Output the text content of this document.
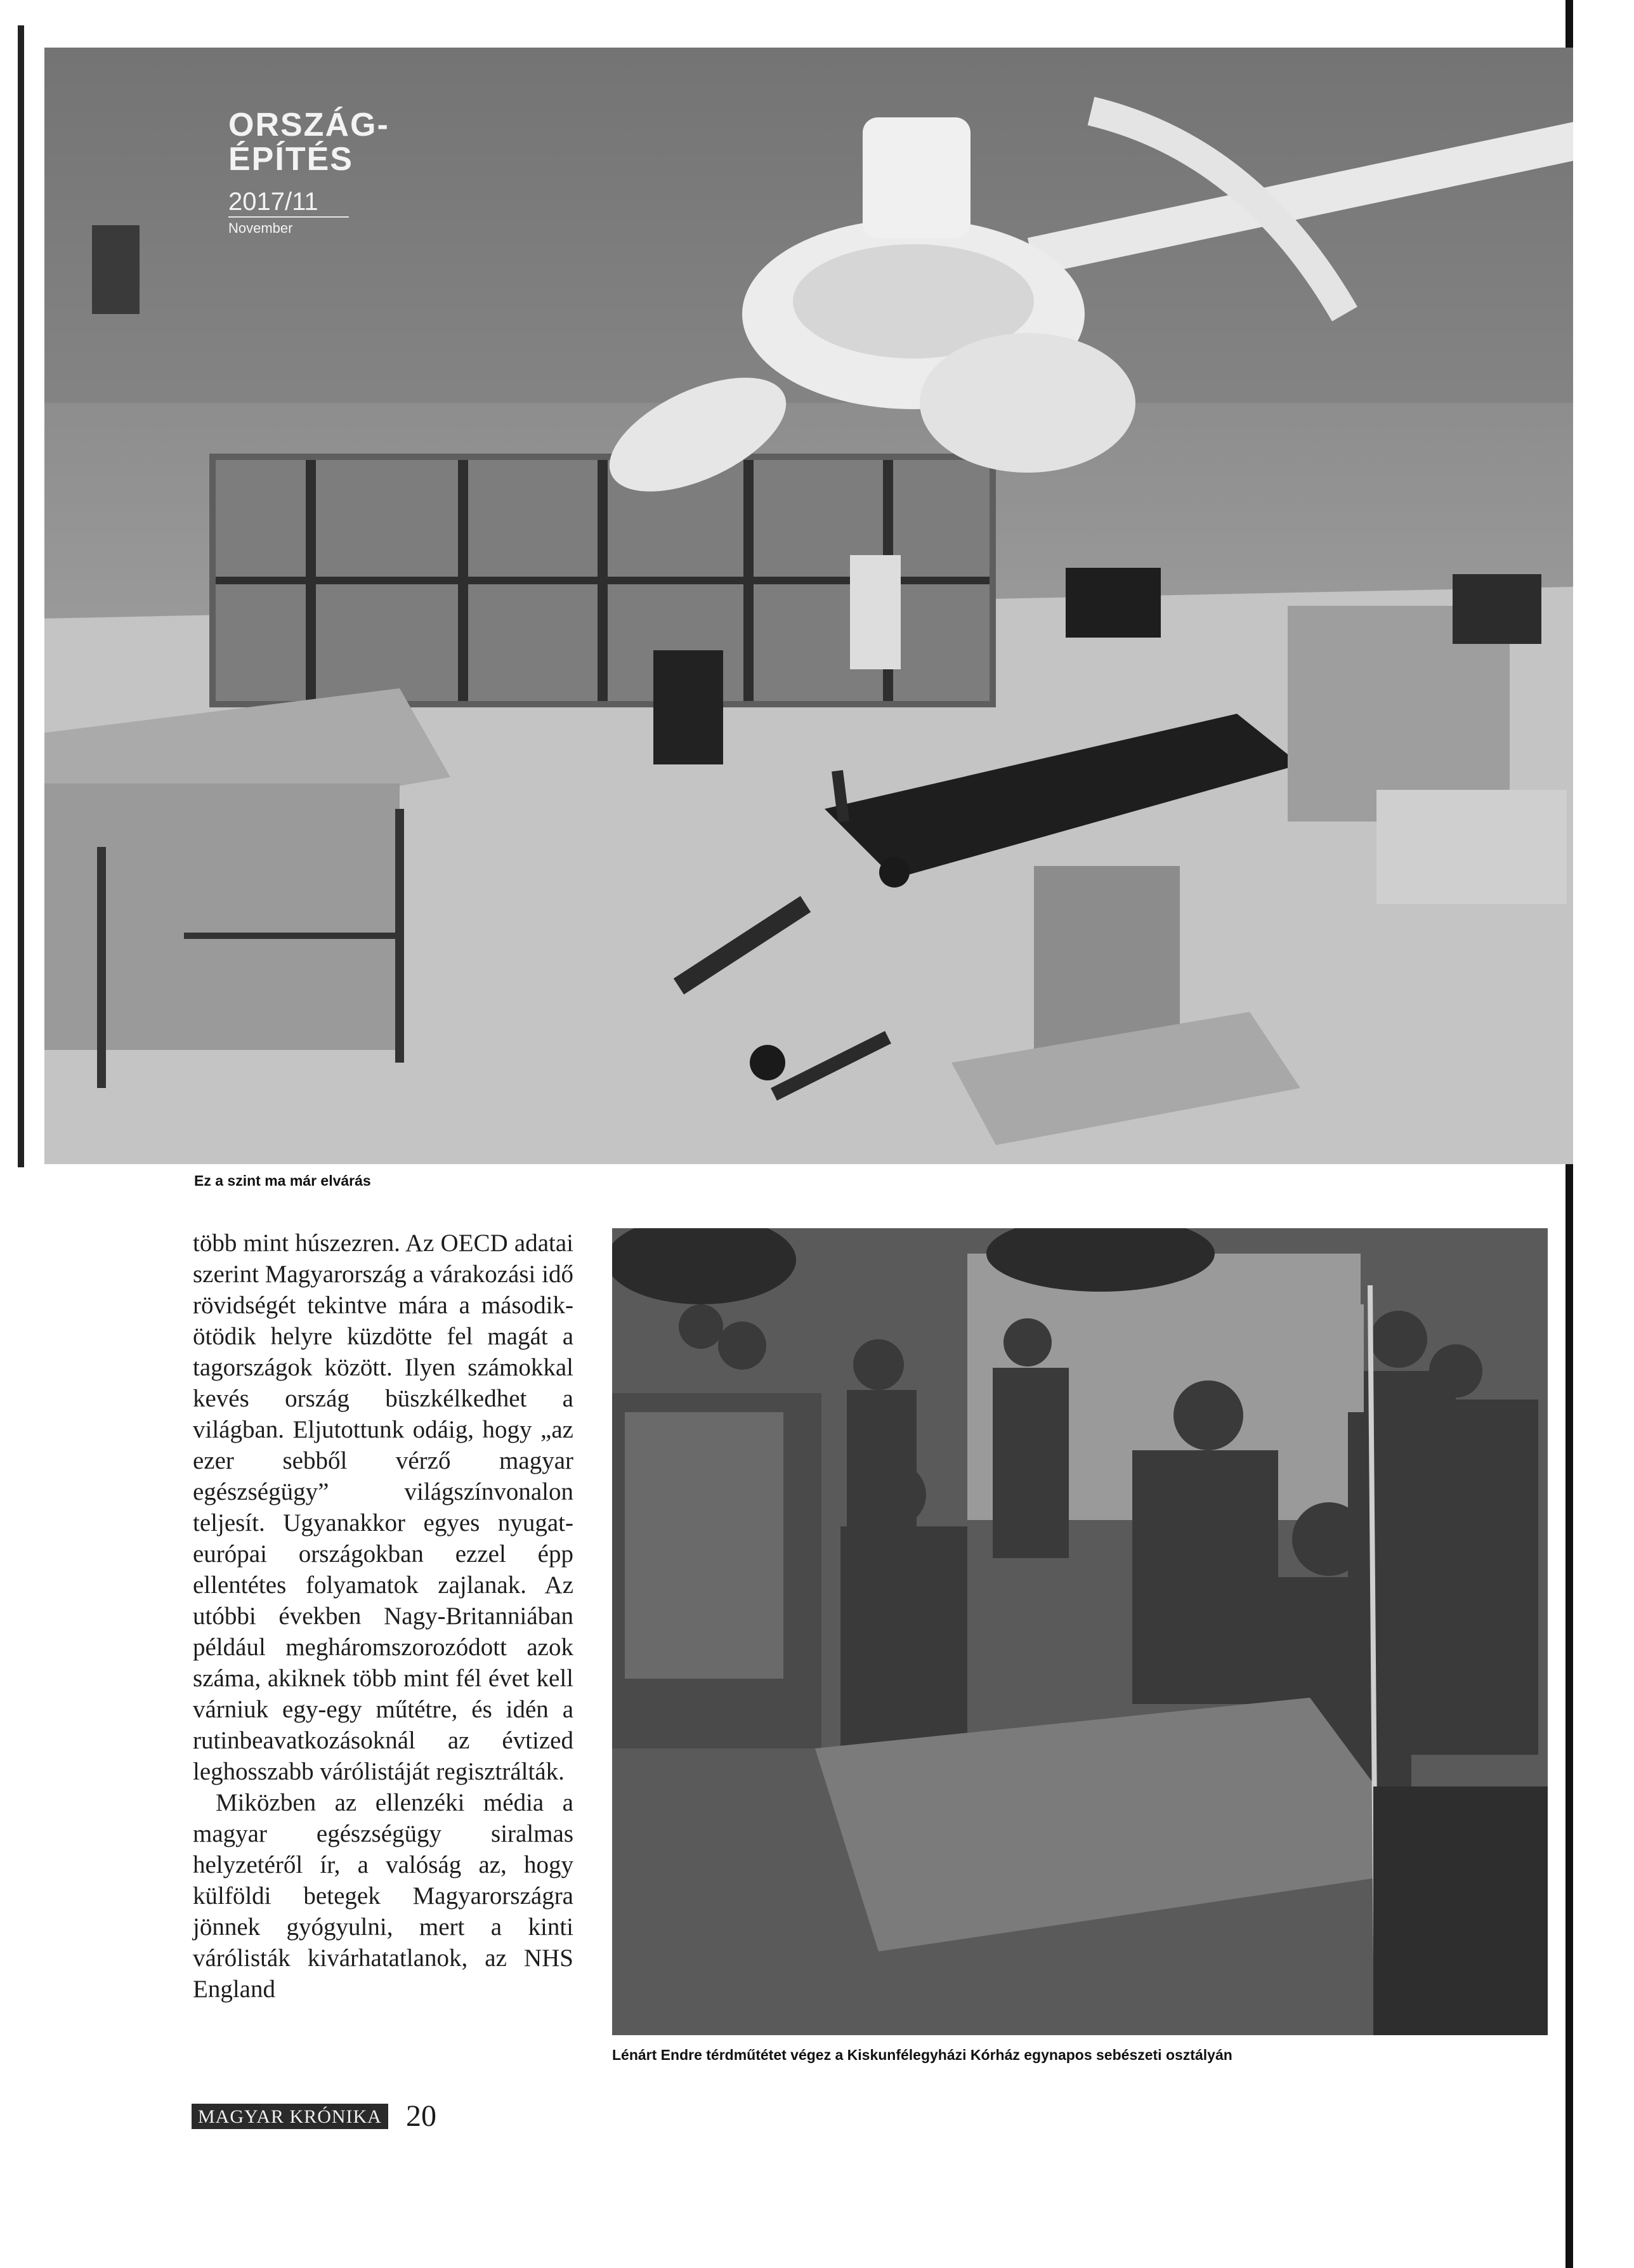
ORSZÁG-
ÉPÍTÉS
2017/11
November
Ez a szint ma már elvárás

több mint húszezren. Az OECD adatai szerint Magyarország a várakozási idő rövidségét tekintve mára a második-ötödik helyre küzdötte fel magát a tagországok között. Ilyen számokkal kevés ország büszkélkedhet a világban. Eljutottunk odáig, hogy „az ezer sebből vérző magyar egészségügy” világszínvonalon teljesít. Ugyanakkor egyes nyugat-európai országokban ezzel épp ellentétes folyamatok zajlanak. Az utóbbi években Nagy-Britanniában például megháromszorozódott azok száma, akiknek több mint fél évet kell várniuk egy-egy műtétre, és idén a rutinbeavatkozásoknál az évtized leghosszabb várólistáját regisztrálták.

Miközben az ellenzéki média a magyar egészségügy siralmas helyzetéről ír, a valóság az, hogy külföldi betegek Magyarországra jönnek gyógyulni, mert a kinti várólisták kivárhatatlanok, az NHS England

Lénárt Endre térdműtétet végez a Kiskunfélegyházi Kórház egynapos sebészeti osztályán
MAGYAR KRÓNIKA 20
